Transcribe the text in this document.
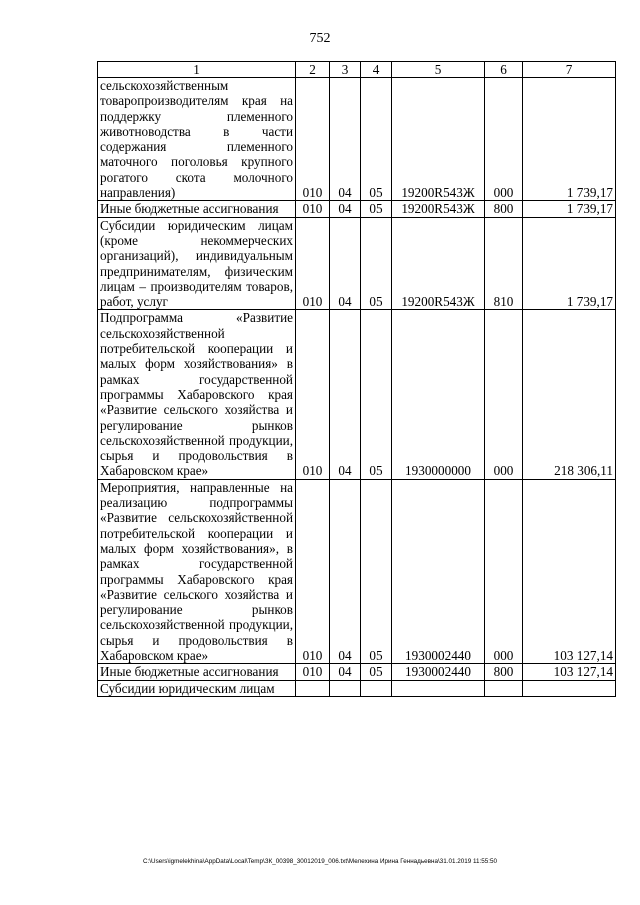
752
1	2	3	4	5	6	7
сельскохозяйственным товаропроизводителям края на поддержку племенного животноводства в части содержания племенного маточного поголовья крупного рогатого скота молочного направления)	010	04	05	19200R543Ж	000	1 739,17
Иные бюджетные ассигнования	010	04	05	19200R543Ж	800	1 739,17
Субсидии юридическим лицам (кроме некоммерческих организаций), индивидуальным предпринимателям, физическим лицам – производителям товаров, работ, услуг	010	04	05	19200R543Ж	810	1 739,17
Подпрограмма «Развитие сельскохозяйственной потребительской кооперации и малых форм хозяйствования» в рамках государственной программы Хабаровского края «Развитие сельского хозяйства и регулирование рынков сельскохозяйственной продукции, сырья и продовольствия в Хабаровском крае»	010	04	05	1930000000	000	218 306,11
Мероприятия, направленные на реализацию подпрограммы «Развитие сельскохозяйственной потребительской кооперации и малых форм хозяйствования», в рамках государственной программы Хабаровского края «Развитие сельского хозяйства и регулирование рынков сельскохозяйственной продукции, сырья и продовольствия в Хабаровском крае»	010	04	05	1930002440	000	103 127,14
Иные бюджетные ассигнования	010	04	05	1930002440	800	103 127,14
Субсидии юридическим лицам						
C:\Users\igmelekhina\AppData\Local\Temp\ЗК_00398_30012019_006.txt\Мелехина Ирина Геннадьевна\31.01.2019 11:55:50
